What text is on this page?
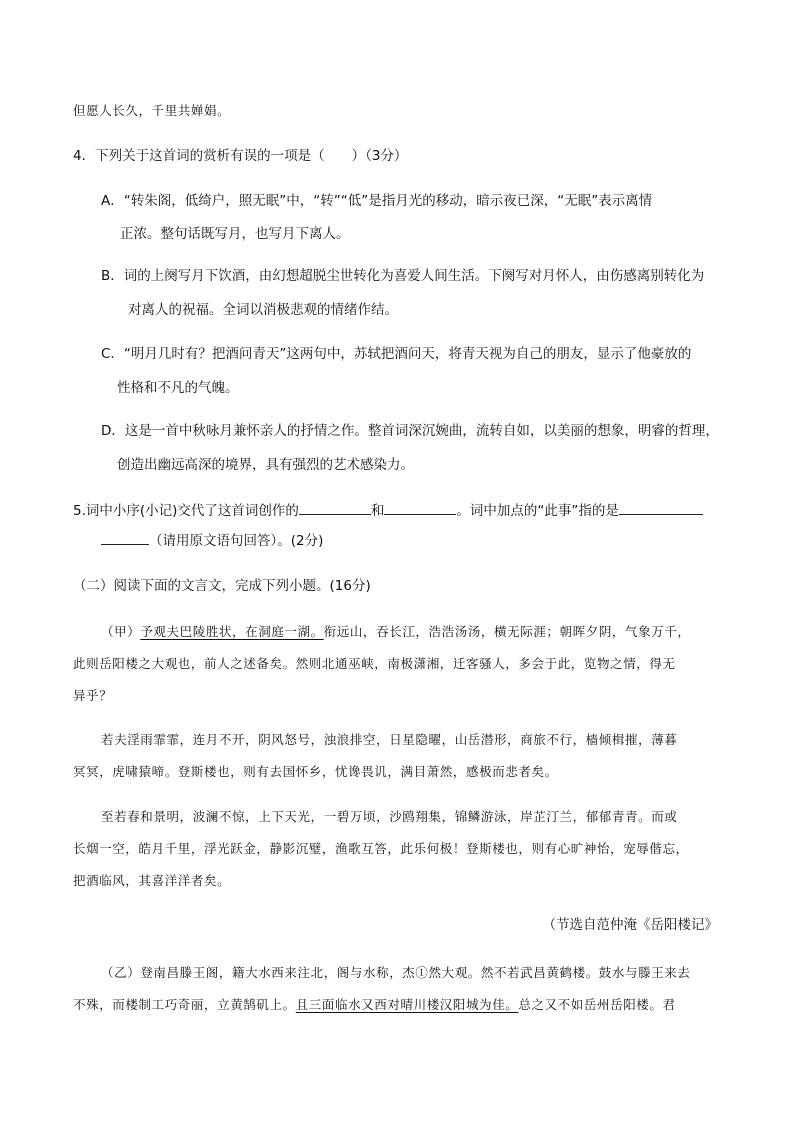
但愿人长久，千里共婵娟。
4．下列关于这首词的赏析有误的一项是（　　）（3分）
A．“转朱阁，低绮户，照无眠”中，“转”“低”是指月光的移动，暗示夜已深，“无眠”表示离情
正浓。整句话既写月，也写月下离人。
B．词的上阕写月下饮酒，由幻想超脱尘世转化为喜爱人间生活。下阕写对月怀人，由伤感离别转化为
对离人的祝福。全词以消极悲观的情绪作结。
C．“明月几时有？把酒问青天”这两句中，苏轼把酒问天，将青天视为自己的朋友，显示了他豪放的
性格和不凡的气魄。
D．这是一首中秋咏月兼怀亲人的抒情之作。整首词深沉婉曲，流转自如，以美丽的想象，明睿的哲理，
创造出幽远高深的境界，具有强烈的艺术感染力。
5.词中小序(小记)交代了这首词创作的	和	。词中加点的“此事”指的是
（请用原文语句回答）。(2分)
（二）阅读下面的文言文，完成下列小题。(16分)
（甲）予观夫巴陵胜状，在洞庭一湖。衔远山，吞长江，浩浩汤汤，横无际涯；朝晖夕阴，气象万千，
此则岳阳楼之大观也，前人之述备矣。然则北通巫峡，南极潇湘，迁客骚人，多会于此，览物之情，得无
异乎？
若夫淫雨霏霏，连月不开，阴风怒号，浊浪排空，日星隐曜，山岳潜形，商旅不行，樯倾楫摧，薄暮
冥冥，虎啸猿啼。登斯楼也，则有去国怀乡，忧谗畏讥，满目萧然，感极而悲者矣。
至若春和景明，波澜不惊，上下天光，一碧万顷，沙鸥翔集，锦鳞游泳，岸芷汀兰，郁郁青青。而或
长烟一空，皓月千里，浮光跃金，静影沉璧，渔歌互答，此乐何极！登斯楼也，则有心旷神怡，宠辱偕忘，
把酒临风，其喜洋洋者矣。
（节选自范仲淹《岳阳楼记》
（乙）登南昌滕王阁，籍大水西来注北，阁与水称，杰①然大观。然不若武昌黄鹤楼。鼓水与滕王来去
不殊，而楼制工巧奇丽，立黄鹄矶上。且三面临水又西对晴川楼汉阳城为佳。总之又不如岳州岳阳楼。君
